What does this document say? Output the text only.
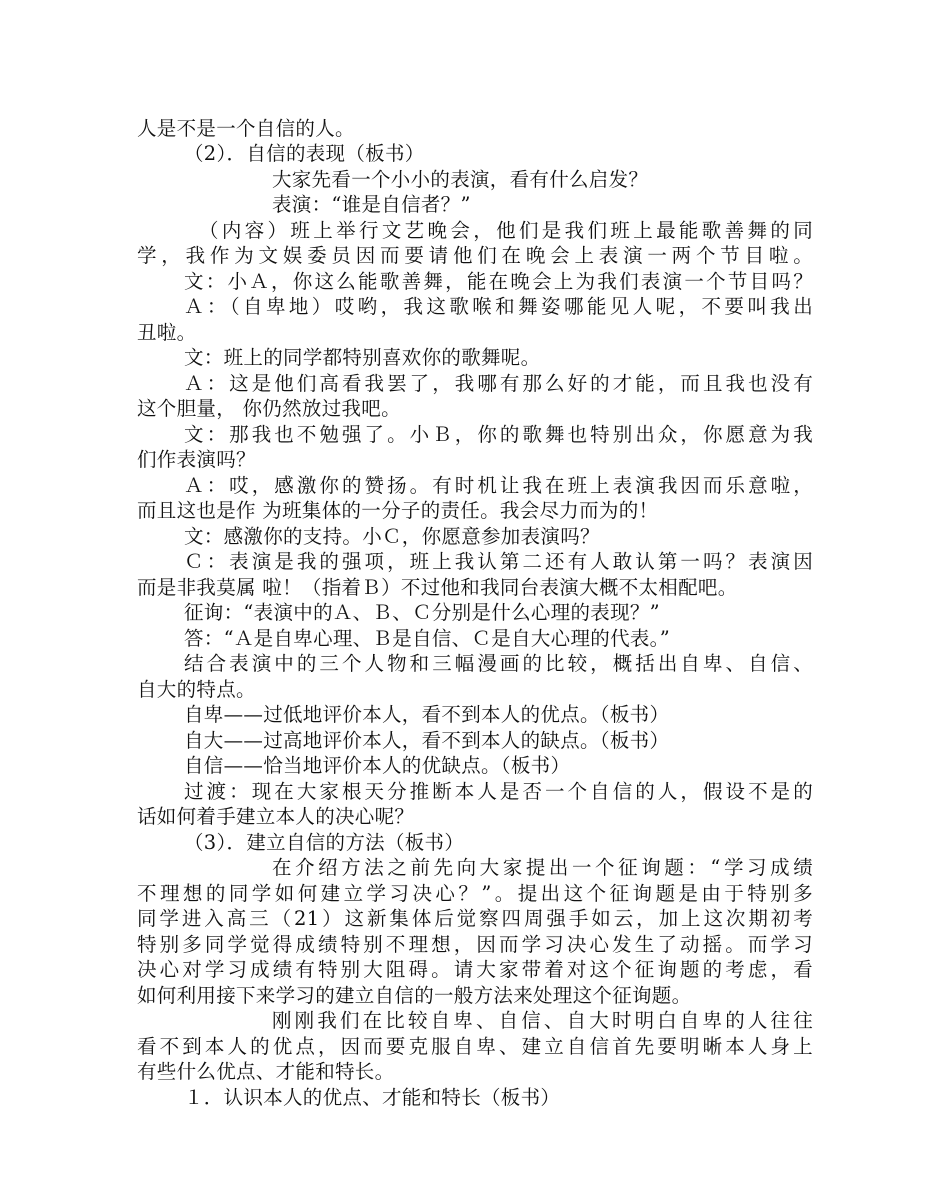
人是不是一个自信的人。
（2）．自信的表现（板书）
大家先看一个小小的表演，看有什么启发？
表演：“谁是自信者？”
（内容）班上举行文艺晚会，他们是我们班上最能歌善舞的同
学，我作为文娱委员因而要请他们在晚会上表演一两个节目啦。
文：小Ａ，你这么能歌善舞，能在晚会上为我们表演一个节目吗？
Ａ：（自卑地）哎哟，我这歌喉和舞姿哪能见人呢，不要叫我出
丑啦。
文：班上的同学都特别喜欢你的歌舞呢。
Ａ：这是他们高看我罢了，我哪有那么好的才能，而且我也没有
这个胆量， 你仍然放过我吧。
文：那我也不勉强了。小Ｂ，你的歌舞也特别出众，你愿意为我
们作表演吗？
Ａ：哎，感激你的赞扬。有时机让我在班上表演我因而乐意啦，
而且这也是作 为班集体的一分子的责任。我会尽力而为的！
文：感激你的支持。小Ｃ，你愿意参加表演吗？
Ｃ：表演是我的强项，班上我认第二还有人敢认第一吗？表演因
而是非我莫属 啦！（指着Ｂ）不过他和我同台表演大概不太相配吧。
征询：“表演中的Ａ、Ｂ、Ｃ分别是什么心理的表现？”
答：“Ａ是自卑心理、Ｂ是自信、Ｃ是自大心理的代表。”
结合表演中的三个人物和三幅漫画的比较，概括出自卑、自信、
自大的特点。
自卑——过低地评价本人，看不到本人的优点。（板书）
自大——过高地评价本人，看不到本人的缺点。（板书）
自信——恰当地评价本人的优缺点。（板书）
过渡：现在大家根天分推断本人是否一个自信的人，假设不是的
话如何着手建立本人的决心呢？
（3）．建立自信的方法（板书）
在介绍方法之前先向大家提出一个征询题：“学习成绩
不理想的同学如何建立学习决心？”。提出这个征询题是由于特别多
同学进入高三（21）这新集体后觉察四周强手如云，加上这次期初考
特别多同学觉得成绩特别不理想，因而学习决心发生了动摇。而学习
决心对学习成绩有特别大阻碍。请大家带着对这个征询题的考虑，看
如何利用接下来学习的建立自信的一般方法来处理这个征询题。
刚刚我们在比较自卑、自信、自大时明白自卑的人往往
看不到本人的优点，因而要克服自卑、建立自信首先要明晰本人身上
有些什么优点、才能和特长。
１．认识本人的优点、才能和特长（板书）
